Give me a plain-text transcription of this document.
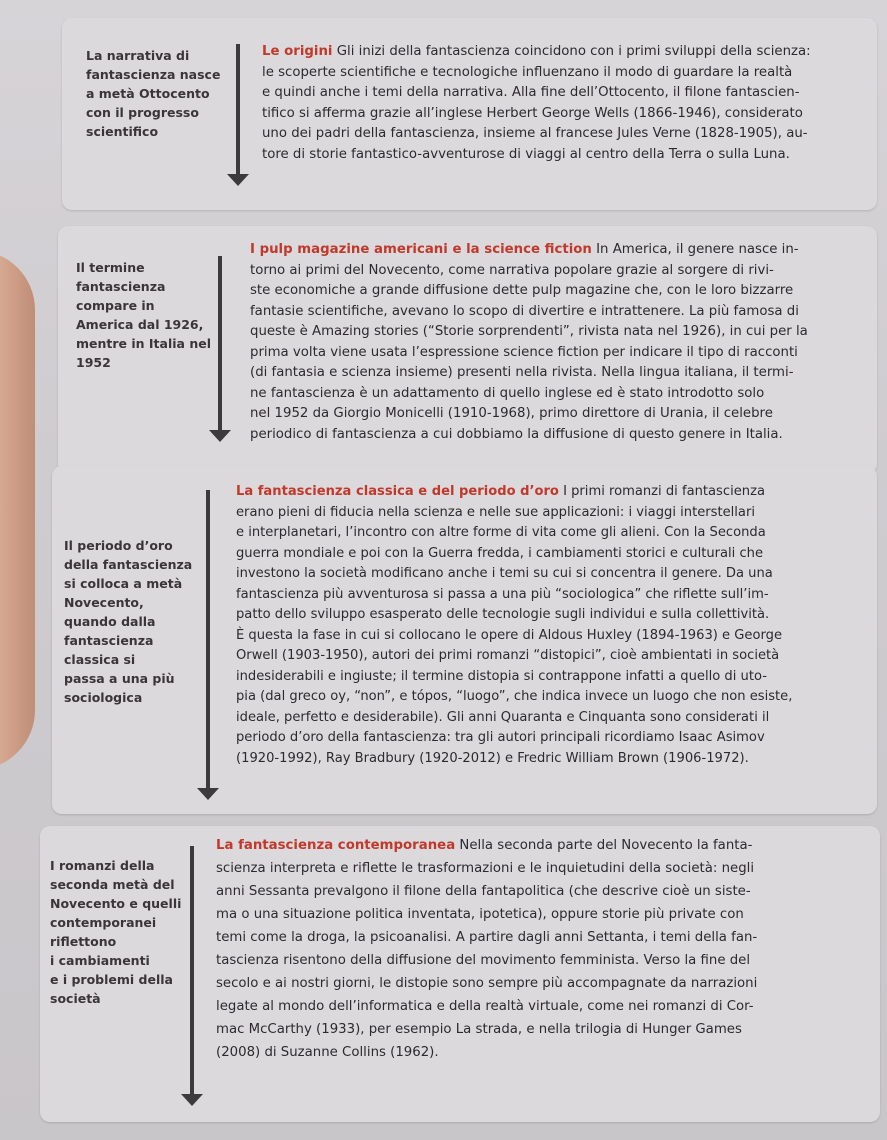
La narrativa di
fantascienza nasce
a metà Ottocento
con il progresso
scientifico
Le origini Gli inizi della fantascienza coincidono con i primi sviluppi della scienza:
le scoperte scientifiche e tecnologiche influenzano il modo di guardare la realtà
e quindi anche i temi della narrativa. Alla fine dell’Ottocento, il filone fantascien-
tifico si afferma grazie all’inglese Herbert George Wells (1866-1946), considerato
uno dei padri della fantascienza, insieme al francese Jules Verne (1828-1905), au-
tore di storie fantastico-avventurose di viaggi al centro della Terra o sulla Luna.
Il termine
fantascienza
compare in
America dal 1926,
mentre in Italia nel
1952
I pulp magazine americani e la science fiction In America, il genere nasce in-
torno ai primi del Novecento, come narrativa popolare grazie al sorgere di rivi-
ste economiche a grande diffusione dette pulp magazine che, con le loro bizzarre
fantasie scientifiche, avevano lo scopo di divertire e intrattenere. La più famosa di
queste è Amazing stories (“Storie sorprendenti”, rivista nata nel 1926), in cui per la
prima volta viene usata l’espressione science fiction per indicare il tipo di racconti
(di fantasia e scienza insieme) presenti nella rivista. Nella lingua italiana, il termi-
ne fantascienza è un adattamento di quello inglese ed è stato introdotto solo
nel 1952 da Giorgio Monicelli (1910-1968), primo direttore di Urania, il celebre
periodico di fantascienza a cui dobbiamo la diffusione di questo genere in Italia.
Il periodo d’oro
della fantascienza
si colloca a metà
Novecento,
quando dalla
fantascienza
classica si
passa a una più
sociologica
La fantascienza classica e del periodo d’oro I primi romanzi di fantascienza
erano pieni di fiducia nella scienza e nelle sue applicazioni: i viaggi interstellari
e interplanetari, l’incontro con altre forme di vita come gli alieni. Con la Seconda
guerra mondiale e poi con la Guerra fredda, i cambiamenti storici e culturali che
investono la società modificano anche i temi su cui si concentra il genere. Da una
fantascienza più avventurosa si passa a una più “sociologica” che riflette sull’im-
patto dello sviluppo esasperato delle tecnologie sugli individui e sulla collettività.
È questa la fase in cui si collocano le opere di Aldous Huxley (1894-1963) e George
Orwell (1903-1950), autori dei primi romanzi “distopici”, cioè ambientati in società
indesiderabili e ingiuste; il termine distopia si contrappone infatti a quello di uto-
pia (dal greco oy, “non”, e tópos, “luogo”, che indica invece un luogo che non esiste,
ideale, perfetto e desiderabile). Gli anni Quaranta e Cinquanta sono considerati il
periodo d’oro della fantascienza: tra gli autori principali ricordiamo Isaac Asimov
(1920-1992), Ray Bradbury (1920-2012) e Fredric William Brown (1906-1972).
I romanzi della
seconda metà del
Novecento e quelli
contemporanei
riflettono
i cambiamenti
e i problemi della
società
La fantascienza contemporanea Nella seconda parte del Novecento la fanta-
scienza interpreta e riflette le trasformazioni e le inquietudini della società: negli
anni Sessanta prevalgono il filone della fantapolitica (che descrive cioè un siste-
ma o una situazione politica inventata, ipotetica), oppure storie più private con
temi come la droga, la psicoanalisi. A partire dagli anni Settanta, i temi della fan-
tascienza risentono della diffusione del movimento femminista. Verso la fine del
secolo e ai nostri giorni, le distopie sono sempre più accompagnate da narrazioni
legate al mondo dell’informatica e della realtà virtuale, come nei romanzi di Cor-
mac McCarthy (1933), per esempio La strada, e nella trilogia di Hunger Games
(2008) di Suzanne Collins (1962).
